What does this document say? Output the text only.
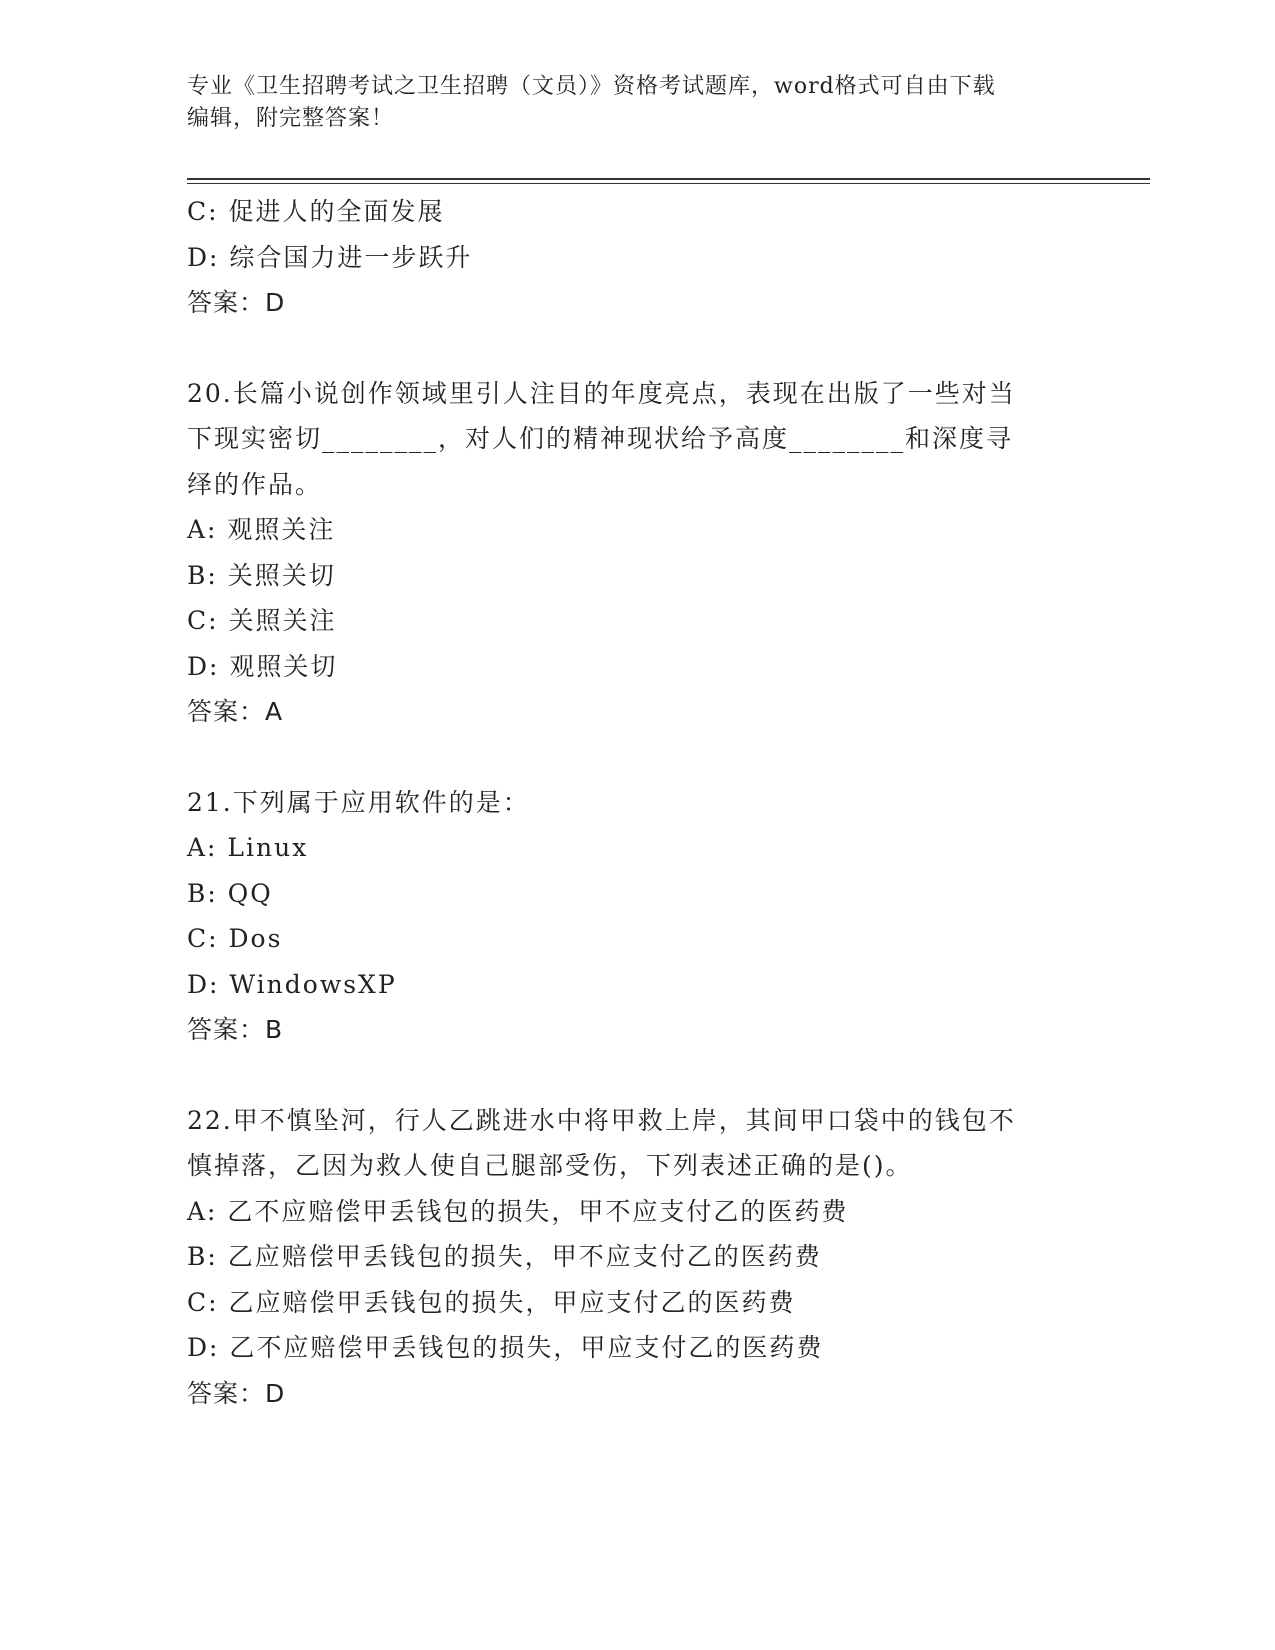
专业《卫生招聘考试之卫生招聘（文员）》资格考试题库，word格式可自由下载
编辑，附完整答案！
C: 促进人的全面发展
D: 综合国力进一步跃升
答案：D
20.长篇小说创作领域里引人注目的年度亮点，表现在出版了一些对当
下现实密切________，对人们的精神现状给予高度________和深度寻
绎的作品。
A: 观照关注
B: 关照关切
C: 关照关注
D: 观照关切
答案：A
21.下列属于应用软件的是：
A: Linux
B: QQ
C: Dos
D: WindowsXP
答案：B
22.甲不慎坠河，行人乙跳进水中将甲救上岸，其间甲口袋中的钱包不
慎掉落，乙因为救人使自己腿部受伤，下列表述正确的是()。
A: 乙不应赔偿甲丢钱包的损失，甲不应支付乙的医药费
B: 乙应赔偿甲丢钱包的损失，甲不应支付乙的医药费
C: 乙应赔偿甲丢钱包的损失，甲应支付乙的医药费
D: 乙不应赔偿甲丢钱包的损失，甲应支付乙的医药费
答案：D
